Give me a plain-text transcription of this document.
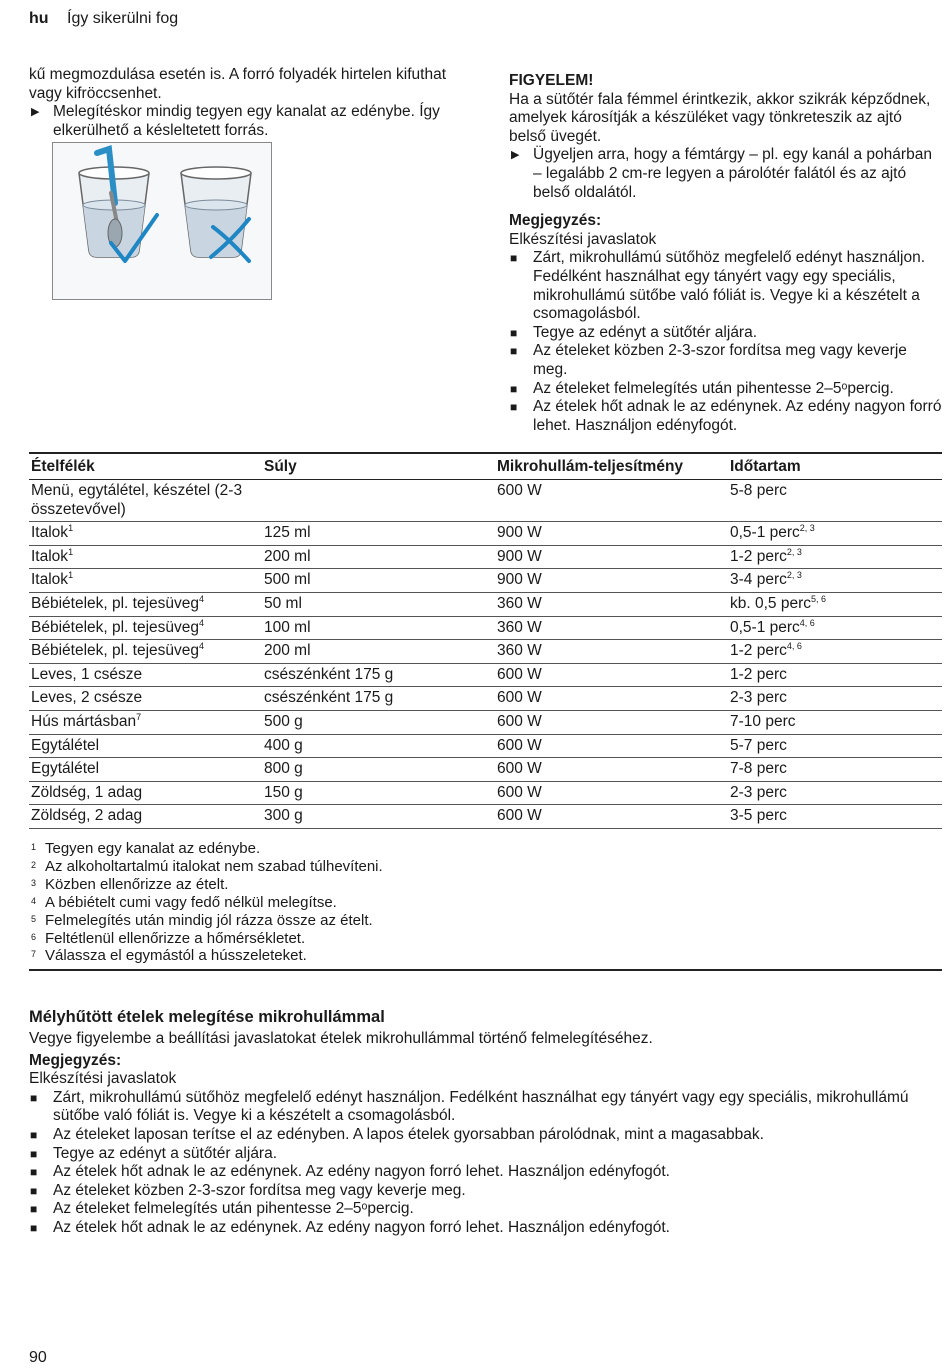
hu Így sikerülni fog

kű megmozdulása esetén is. A forró folyadék hirtelen kifuthat vagy kifröccsenhet.

▶ Melegítéskor mindig tegyen egy kanalat az edénybe. Így elkerülhető a késleltetett forrás.

FIGYELEM!

Ha a sütőtér fala fémmel érintkezik, akkor szikrák képződnek, amelyek károsítják a készüléket vagy tönkreteszik az ajtó belső üvegét.

▶ Ügyeljen arra, hogy a fémtárgy – pl. egy kanál a pohárban – legalább 2 cm-re legyen a párolótér falától és az ajtó belső oldalától.

Megjegyzés:

Elkészítési javaslatok

■ Zárt, mikrohullámú sütőhöz megfelelő edényt használjon. Fedélként használhat egy tányért vagy egy speciális, mikrohullámú sütőbe való fóliát is. Vegye ki a készételt a csomagolásból.

■ Tegye az edényt a sütőtér aljára.

■ Az ételeket közben 2-3-szor fordítsa meg vagy keverje meg.

■ Az ételeket felmelegítés után pihentesse 2–5ᵒpercig.

■ Az ételek hőt adnak le az edénynek. Az edény nagyon forró lehet. Használjon edényfogót.

Ételfélék	Súly	Mikrohullám-teljesítmény	Időtartam
Menü, egytálétel, készétel (2-3 összetevővel)		600 W	5-8 perc
Italok$^1$	125 ml	900 W	0,5-1 perc$^{2, 3}$
Italok$^1$	200 ml	900 W	1-2 perc$^{2, 3}$
Italok$^1$	500 ml	900 W	3-4 perc$^{2, 3}$
Bébiételek, pl. tejesüveg$^4$	50 ml	360 W	kb. 0,5 perc$^{5, 6}$
Bébiételek, pl. tejesüveg$^4$	100 ml	360 W	0,5-1 perc$^{4, 6}$
Bébiételek, pl. tejesüveg$^4$	200 ml	360 W	1-2 perc$^{4, 6}$
Leves, 1 csésze	csészénként 175 g	600 W	1-2 perc
Leves, 2 csésze	csészénként 175 g	600 W	2-3 perc
Hús mártásban$^7$	500 g	600 W	7-10 perc
Egytálétel	400 g	600 W	5-7 perc
Egytálétel	800 g	600 W	7-8 perc
Zöldség, 1 adag	150 g	600 W	2-3 perc
Zöldség, 2 adag	300 g	600 W	3-5 perc
1 Tegyen egy kanalat az edénybe.
2 Az alkoholtartalmú italokat nem szabad túlhevíteni.
3 Közben ellenőrizze az ételt.
4 A bébiételt cumi vagy fedő nélkül melegítse.
5 Felmelegítés után mindig jól rázza össze az ételt.
6 Feltétlenül ellenőrizze a hőmérsékletet.
7 Válassza el egymástól a hússzeleteket.
Mélyhűtött ételek melegítése mikrohullámmal

Vegye figyelembe a beállítási javaslatokat ételek mikrohullámmal történő felmelegítéséhez.

Megjegyzés:

Elkészítési javaslatok

■ Zárt, mikrohullámú sütőhöz megfelelő edényt használjon. Fedélként használhat egy tányért vagy egy speciális, mikrohullámú sütőbe való fóliát is. Vegye ki a készételt a csomagolásból.

■ Az ételeket laposan terítse el az edényben. A lapos ételek gyorsabban párolódnak, mint a magasabbak.

■ Tegye az edényt a sütőtér aljára.

■ Az ételek hőt adnak le az edénynek. Az edény nagyon forró lehet. Használjon edényfogót.

■ Az ételeket közben 2-3-szor fordítsa meg vagy keverje meg.

■ Az ételeket felmelegítés után pihentesse 2–5ᵒpercig.

■ Az ételek hőt adnak le az edénynek. Az edény nagyon forró lehet. Használjon edényfogót.

90
